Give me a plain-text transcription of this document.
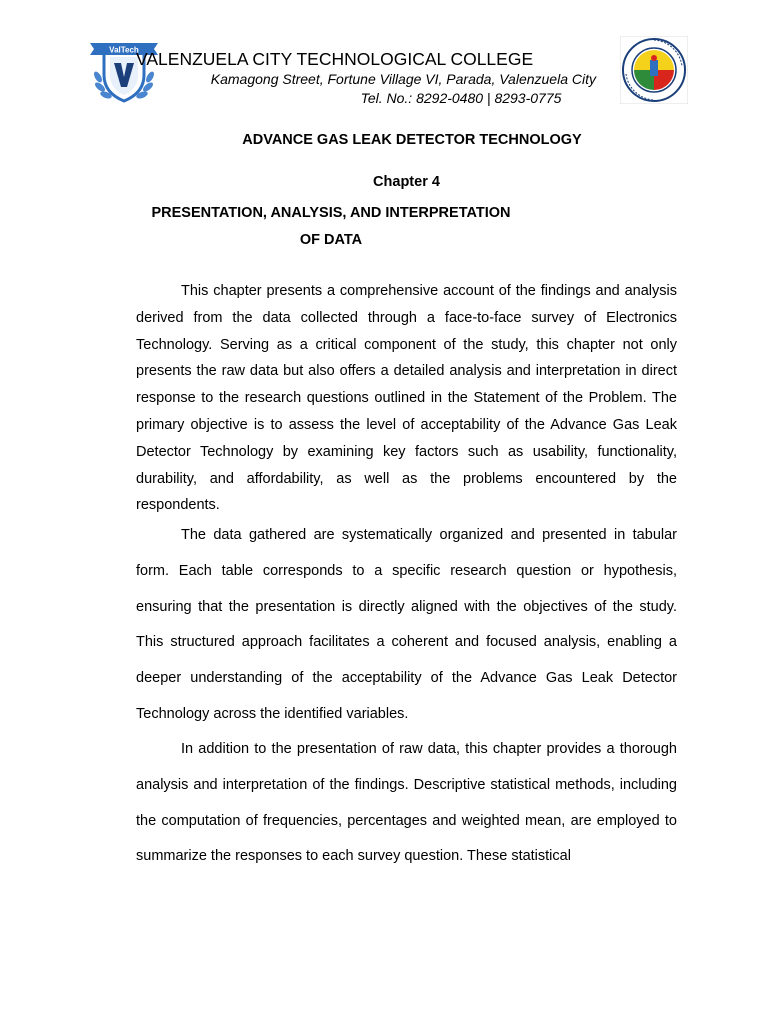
ValTech
VALENZUELA CITY TECHNOLOGICAL COLLEGE
Kamagong Street, Fortune Village VI, Parada, Valenzuela City
Tel. No.: 8292-0480 | 8293-0775
ADVANCE GAS LEAK DETECTOR TECHNOLOGY
Chapter 4
PRESENTATION, ANALYSIS, AND INTERPRETATION
OF DATA

This chapter presents a comprehensive account of the findings and analysis derived from the data collected through a face-to-face survey of Electronics Technology. Serving as a critical component of the study, this chapter not only presents the raw data but also offers a detailed analysis and interpretation in direct response to the research questions outlined in the Statement of the Problem. The primary objective is to assess the level of acceptability of the Advance Gas Leak Detector Technology by examining key factors such as usability, functionality, durability, and affordability, as well as the problems encountered by the respondents.

The data gathered are systematically organized and presented in tabular form. Each table corresponds to a specific research question or hypothesis, ensuring that the presentation is directly aligned with the objectives of the study. This structured approach facilitates a coherent and focused analysis, enabling a deeper understanding of the acceptability of the Advance Gas Leak Detector Technology across the identified variables.

In addition to the presentation of raw data, this chapter provides a thorough analysis and interpretation of the findings. Descriptive statistical methods, including the computation of frequencies, percentages and weighted mean, are employed to summarize the responses to each survey question. These statistical
